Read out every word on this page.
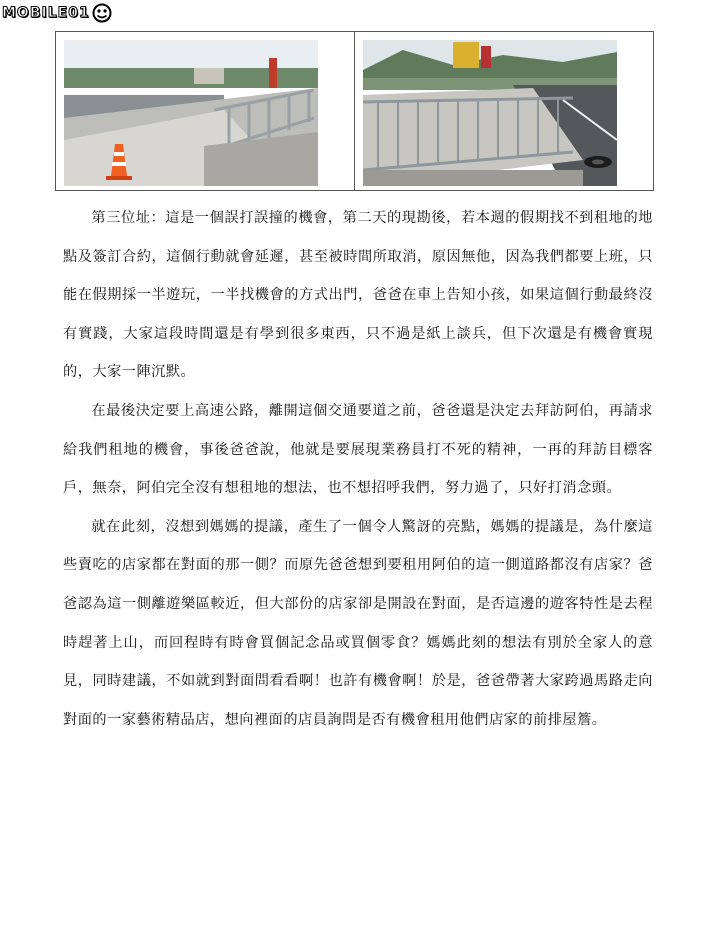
MOBILE01

第三位址：這是一個誤打誤撞的機會，第二天的現勘後，若本週的假期找不到租地的地點及簽訂合約，這個行動就會延遲，甚至被時間所取消，原因無他，因為我們都要上班，只能在假期採一半遊玩，一半找機會的方式出門，爸爸在車上告知小孩，如果這個行動最終沒有實踐，大家這段時間還是有學到很多東西，只不過是紙上談兵，但下次還是有機會實現的，大家一陣沉默。

在最後決定要上高速公路，離開這個交通要道之前，爸爸還是決定去拜訪阿伯，再請求給我們租地的機會，事後爸爸說，他就是要展現業務員打不死的精神，一再的拜訪目標客戶，無奈，阿伯完全沒有想租地的想法，也不想招呼我們，努力過了，只好打消念頭。

就在此刻，沒想到媽媽的提議，產生了一個令人驚訝的亮點，媽媽的提議是，為什麼這些賣吃的店家都在對面的那一側？而原先爸爸想到要租用阿伯的這一側道路都沒有店家？爸爸認為這一側離遊樂區較近，但大部份的店家卻是開設在對面，是否這邊的遊客特性是去程時趕著上山，而回程時有時會買個記念品或買個零食？媽媽此刻的想法有別於全家人的意見，同時建議，不如就到對面問看看啊！也許有機會啊！於是，爸爸帶著大家跨過馬路走向對面的一家藝術精品店，想向裡面的店員詢問是否有機會租用他們店家的前排屋簷。
